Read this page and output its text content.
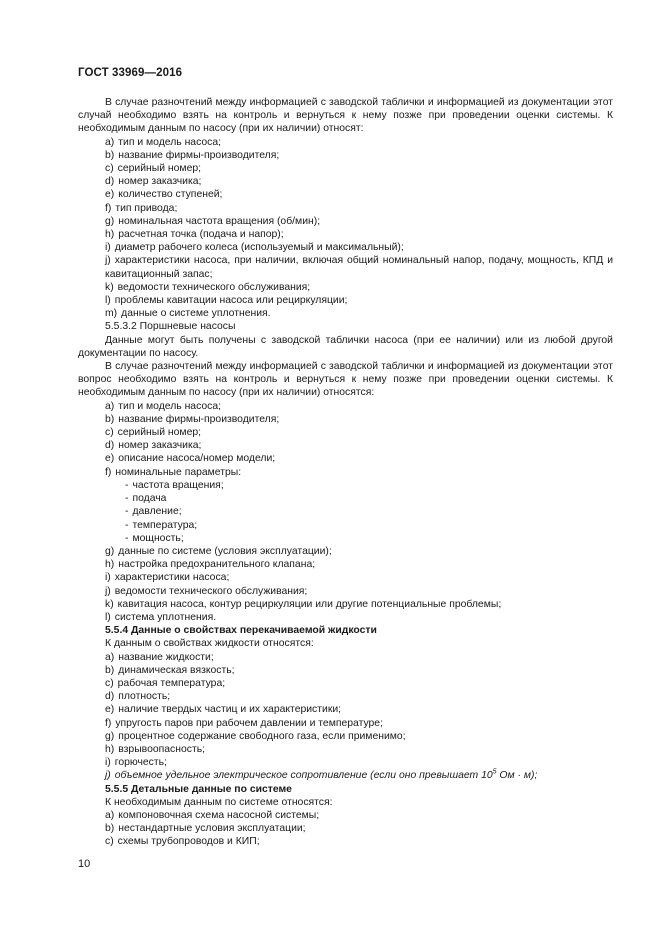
ГОСТ 33969—2016

В случае разночтений между информацией с заводской таблички и информацией из документации этот случай необходимо взять на контроль и вернуться к нему позже при проведении оценки системы. К необходимым данным по насосу (при их наличии) относят:

a) тип и модель насоса;

b) название фирмы-производителя;

c) серийный номер;

d) номер заказчика;

e) количество ступеней;

f) тип привода;

g) номинальная частота вращения (об/мин);

h) расчетная точка (подача и напор);

i) диаметр рабочего колеса (используемый и максимальный);

j) характеристики насоса, при наличии, включая общий номинальный напор, подачу, мощность, КПД и кавитационный запас;

k) ведомости технического обслуживания;

l) проблемы кавитации насоса или рециркуляции;

m) данные о системе уплотнения.

5.5.3.2 Поршневые насосы

Данные могут быть получены с заводской таблички насоса (при ее наличии) или из любой другой документации по насосу.

В случае разночтений между информацией с заводской таблички и информацией из документации этот вопрос необходимо взять на контроль и вернуться к нему позже при проведении оценки системы. К необходимым данным по насосу (при их наличии) относятся:

a) тип и модель насоса;

b) название фирмы-производителя;

c) серийный номер;

d) номер заказчика;

e) описание насоса/номер модели;

f) номинальные параметры:

- частота вращения;

- подача

- давление;

- температура;

- мощность;

g) данные по системе (условия эксплуатации);

h) настройка предохранительного клапана;

i) характеристики насоса;

j) ведомости технического обслуживания;

k) кавитация насоса, контур рециркуляции или другие потенциальные проблемы;

l) система уплотнения.

5.5.4 Данные о свойствах перекачиваемой жидкости

К данным о свойствах жидкости относятся:

a) название жидкости;

b) динамическая вязкость;

c) рабочая температура;

d) плотность;

e) наличие твердых частиц и их характеристики;

f) упругость паров при рабочем давлении и температуре;

g) процентное содержание свободного газа, если применимо;

h) взрывоопасность;

i) горючесть;

j) объемное удельное электрическое сопротивление (если оно превышает $10^5$ Ом · м);

5.5.5 Детальные данные по системе

К необходимым данным по системе относятся:

a) компоновочная схема насосной системы;

b) нестандартные условия эксплуатации;

c) схемы трубопроводов и КИП;

10
